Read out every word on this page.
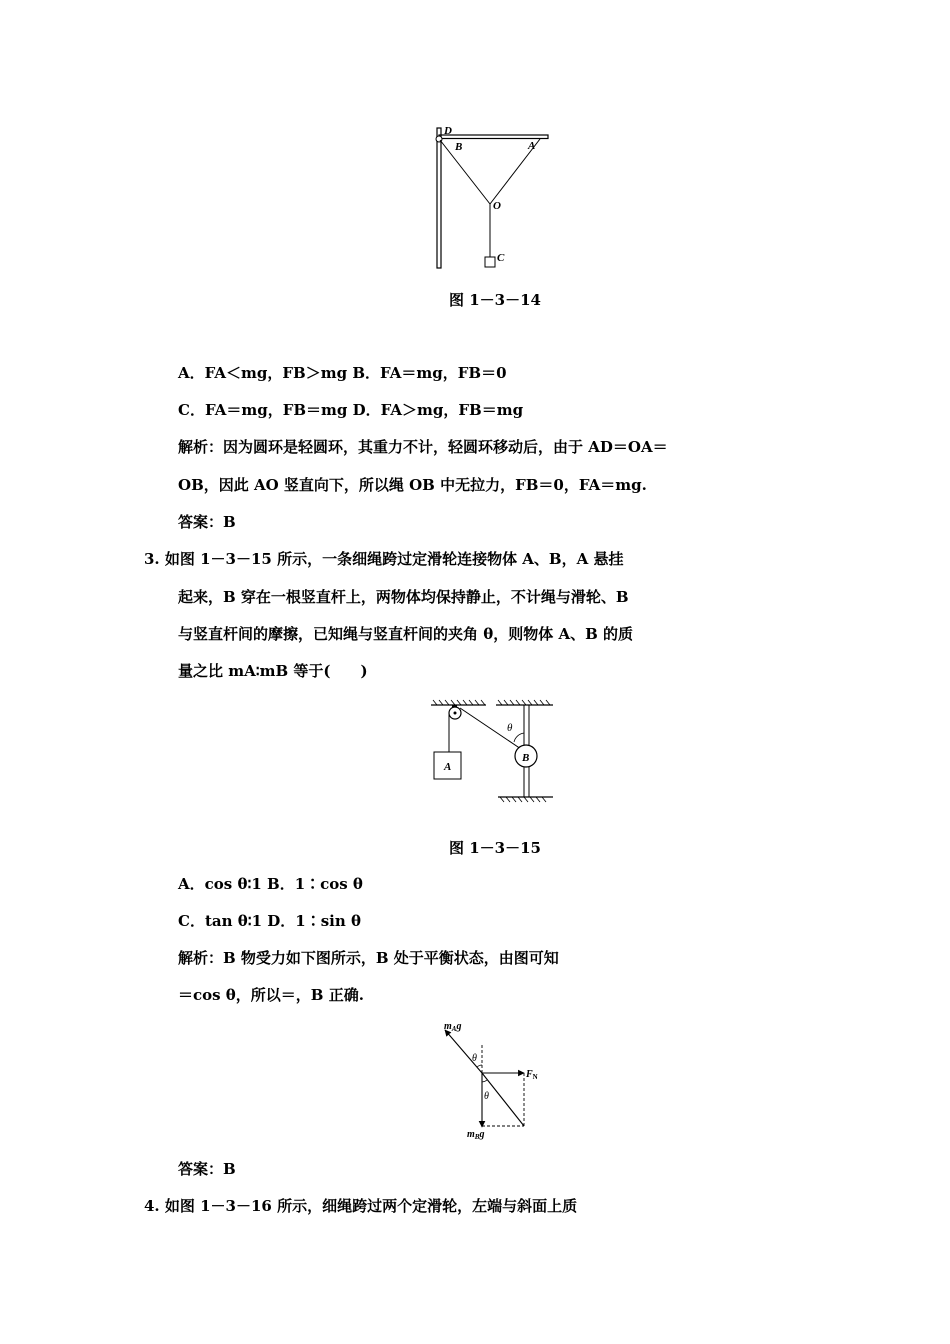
D
B	A
O
C
图 1－3－14
A．FA＜mg，FB＞mg B．FA＝mg，FB＝0
C．FA＝mg，FB＝mg D．FA＞mg，FB＝mg
解析：因为圆环是轻圆环，其重力不计，轻圆环移动后，由于 AD＝OA＝
OB，因此 AO 竖直向下，所以绳 OB 中无拉力，FB＝0，FA＝mg.
答案：B
3. 如图 1－3－15 所示，一条细绳跨过定滑轮连接物体 A、B，A 悬挂
起来，B 穿在一根竖直杆上，两物体均保持静止，不计绳与滑轮、B
与竖直杆间的摩擦，已知绳与竖直杆间的夹角 θ，则物体 A、B 的质
量之比 mA∶mB 等于(　　)
A
B
θ
图 1－3－15
A．cos θ∶1 B．1∶cos θ
C．tan θ∶1 D．1∶sin θ
解析：B 物受力如下图所示，B 处于平衡状态，由图可知
＝cos θ，所以＝，B 正确.
$m_Ag$
$F_N$
$m_Bg$
θ
θ
答案：B
4. 如图 1－3－16 所示，细绳跨过两个定滑轮，左端与斜面上质
